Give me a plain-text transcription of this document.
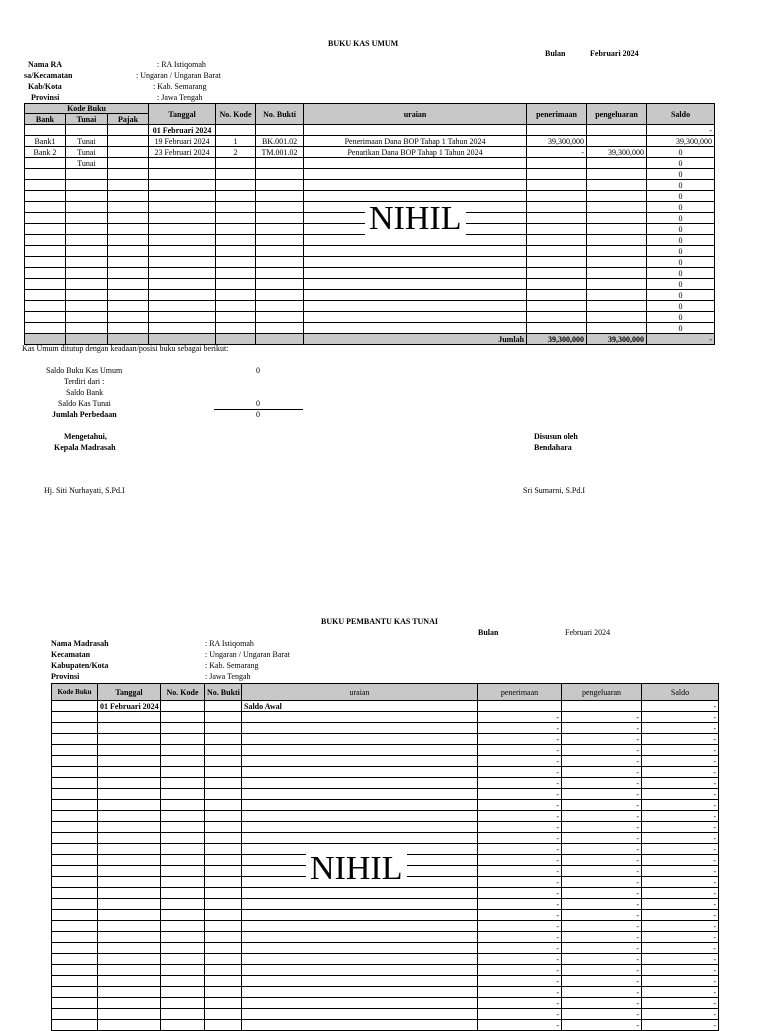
BUKU KAS UMUM
Bulan	Februari 2024
Nama RA	: RA Istiqomah
sa/Kecamatan	: Ungaran / Ungaran Barat
Kab/Kota	: Kab. Semarang
Provinsi	: Jawa Tengah
Kode Buku			Tanggal	No. Kode	No. Bukti	uraian	penerimaan	pengeluaran	Saldo
Bank	Tunai	Pajak							
			01 Februari 2024						-
Bank1	Tunai		19 Februari 2024	1	BK.001.02	Penerimaan Dana BOP Tahap 1 Tahun 2024	39,300,000		39,300,000
Bank 2	Tunai		23 Februari 2024	2	TM.001.02	Penarikan Dana BOP Tahap 1 Tahun 2024	-	39,300,000	0
	Tunai								0
									0
									0
									0
									0
									0
									0
									0
									0
									0
									0
									0
									0
									0
									0
									0
						Jumlah	39,300,000	39,300,000	-
NIHIL
Kas Umum ditutup dengan keadaan/posisi buku sebagai berikut:
Saldo Buku Kas Umum	0
Terdiri dari :
Saldo Bank
Saldo Kas Tunai	0
Jumlah Perbedaan	0
Mengetahui,
Kepala Madrasah
Hj. Siti Nurhayati, S.Pd.I
Disusun oleh
Bendahara
Sri Sumarni, S.Pd.I
BUKU PEMBANTU KAS TUNAI
Bulan	Februari 2024
Nama Madrasah	: RA Istiqomah
Kecamatan	: Ungaran / Ungaran Barat
Kabupaten/Kota	: Kab. Semarang
Provinsi	: Jawa Tengah
Kode Buku	Tanggal	No. Kode	No. Bukti	uraian	penerimaan	pengeluaran	Saldo
	01 Februari 2024			Saldo Awal			-
					-	-	-
					-	-	-
					-	-	-
					-	-	-
					-	-	-
					-	-	-
					-	-	-
					-	-	-
					-	-	-
					-	-	-
					-	-	-
					-	-	-
					-	-	-
					-	-	-
					-	-	-
					-	-	-
					-	-	-
					-	-	-
					-	-	-
					-	-	-
					-	-	-
					-	-	-
					-	-	-
					-	-	-
					-	-	-
					-	-	-
					-	-	-
					-	-	-
					-	-	-
NIHIL
